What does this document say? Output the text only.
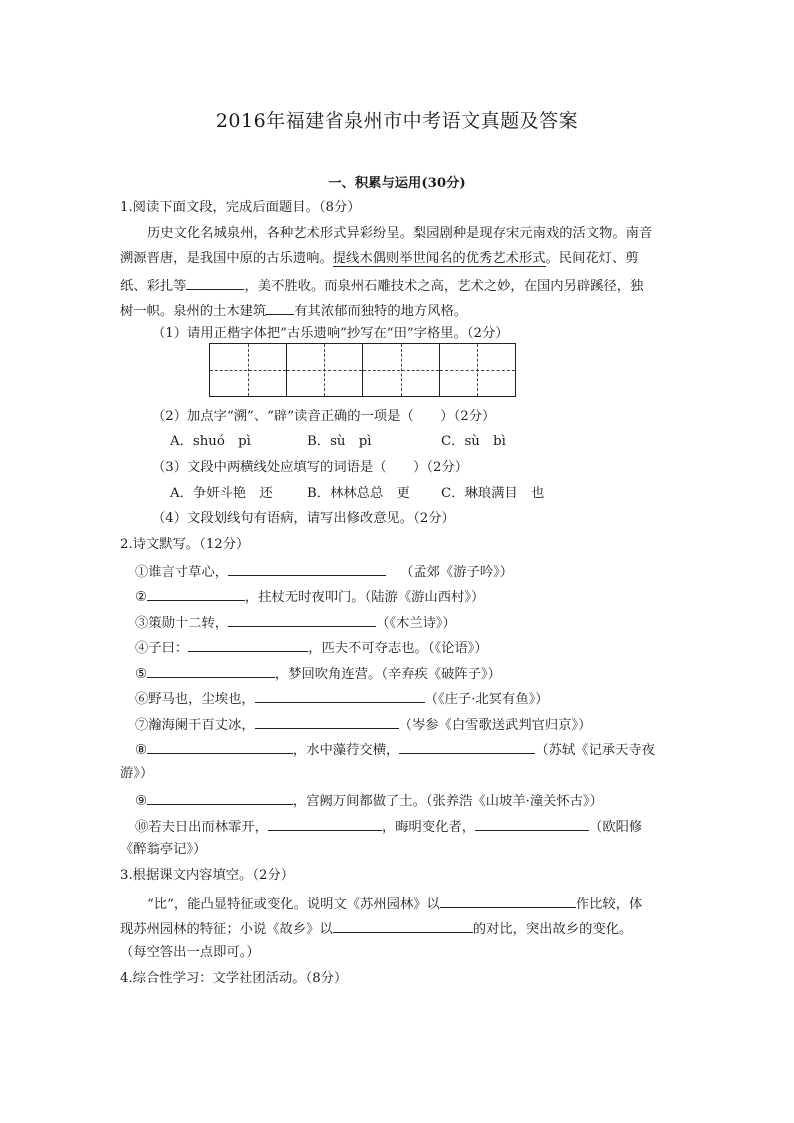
2016年福建省泉州市中考语文真题及答案
一、积累与运用(30分)
1.阅读下面文段，完成后面题目。（8分）
历史文化名城泉州，各种艺术形式异彩纷呈。梨园剧种是现存宋元南戏的活文物。南音
溯源晋唐，是我国中原的古乐遗响。提线木偶则举世闻名的优秀艺术形式。民间花灯、剪
纸、彩扎等	，美不胜收。而泉州石雕技术之高，艺术之妙，在国内另辟蹊径，独
树一帜。泉州的土木建筑 有其浓郁而独特的地方风格。
（1）请用正楷字体把“古乐遗响”抄写在“田”字格里。（2分）
（2）加点字“溯”、“辟”读音正确的一项是（　　）（2分）
A．shuó　pì	B．sù　pì	C．sù　bì
（3）文段中两横线处应填写的词语是（　　）（2分）
A．争妍斗艳　还	B．林林总总　更 C．琳琅满目　也
（4）文段划线句有语病，请写出修改意见。（2分）
2.诗文默写。（12分）
①谁言寸草心，	（孟郊《游子吟》）
②	，拄杖无时夜叩门。（陆游《游山西村》）
③策勋十二转，	（《木兰诗》）
④子曰：	，匹夫不可夺志也。（《论语》）
⑤	，梦回吹角连营。（辛弃疾《破阵子》）
⑥野马也，尘埃也，	（《庄子·北冥有鱼》）
⑦瀚海阑干百丈冰，	（岑参《白雪歌送武判官归京》）
⑧	，水中藻荇交横，	（苏轼《记承天寺夜
游》）
⑨	，宫阙万间都做了土。（张养浩《山坡羊·潼关怀古》）
⑩若夫日出而林霏开，	，晦明变化者，	（欧阳修
《醉翁亭记》）
3.根据课文内容填空。（2分）
“比”，能凸显特征或变化。说明文《苏州园林》以	作比较，体
现苏州园林的特征；小说《故乡》以	的对比，突出故乡的变化。
（每空答出一点即可。）
4.综合性学习：文学社团活动。（8分）
